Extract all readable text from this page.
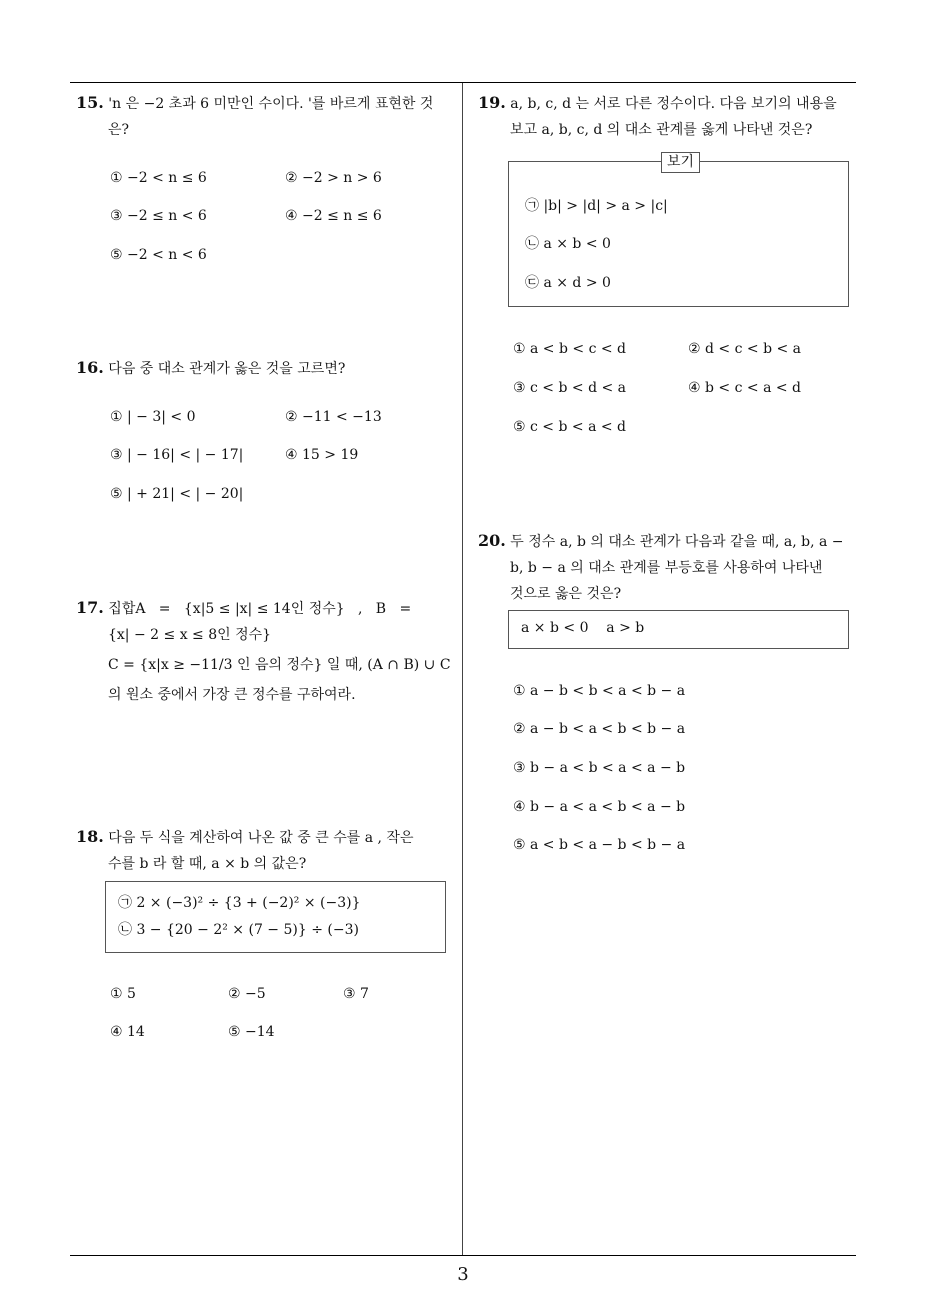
3
15. 'n 은 −2 초과 6 미만인 수이다. '를 바르게 표현한 것
은?
① −2 < n ≤ 6	② −2 > n > 6
③ −2 ≤ n < 6	④ −2 ≤ n ≤ 6
⑤ −2 < n < 6
16. 다음 중 대소 관계가 옳은 것을 고르면?
① | − 3| < 0	② −11 < −13
③ | − 16| < | − 17|	④ 15 > 19
⑤ | + 21| < | − 20|
17. 집합A   =   {x|5 ≤ |x| ≤ 14인 정수}   ,   B   =
{x| − 2 ≤ x ≤ 8인 정수}
C = {x|x ≥ −11/3 인 음의 정수} 일 때, (A ∩ B) ∪ C
의 원소 중에서 가장 큰 정수를 구하여라.
18. 다음 두 식을 계산하여 나온 값 중 큰 수를 a , 작은
수를 b 라 할 때, a × b 의 값은?
㉠ 2 × (−3)² ÷ {3 + (−2)² × (−3)}
㉡ 3 − {20 − 2² × (7 − 5)} ÷ (−3)
① 5	② −5	③ 7
④ 14	⑤ −14
19. a, b, c, d 는 서로 다른 정수이다. 다음 보기의 내용을
보고 a, b, c, d 의 대소 관계를 옳게 나타낸 것은?
보기
㉠ |b| > |d| > a > |c|
㉡ a × b < 0
㉢ a × d > 0
① a < b < c < d	② d < c < b < a
③ c < b < d < a	④ b < c < a < d
⑤ c < b < a < d
20. 두 정수 a, b 의 대소 관계가 다음과 같을 때, a, b, a −
b, b − a 의 대소 관계를 부등호를 사용하여 나타낸
것으로 옳은 것은?
a × b < 0    a > b
① a − b < b < a < b − a
② a − b < a < b < b − a
③ b − a < b < a < a − b
④ b − a < a < b < a − b
⑤ a < b < a − b < b − a
